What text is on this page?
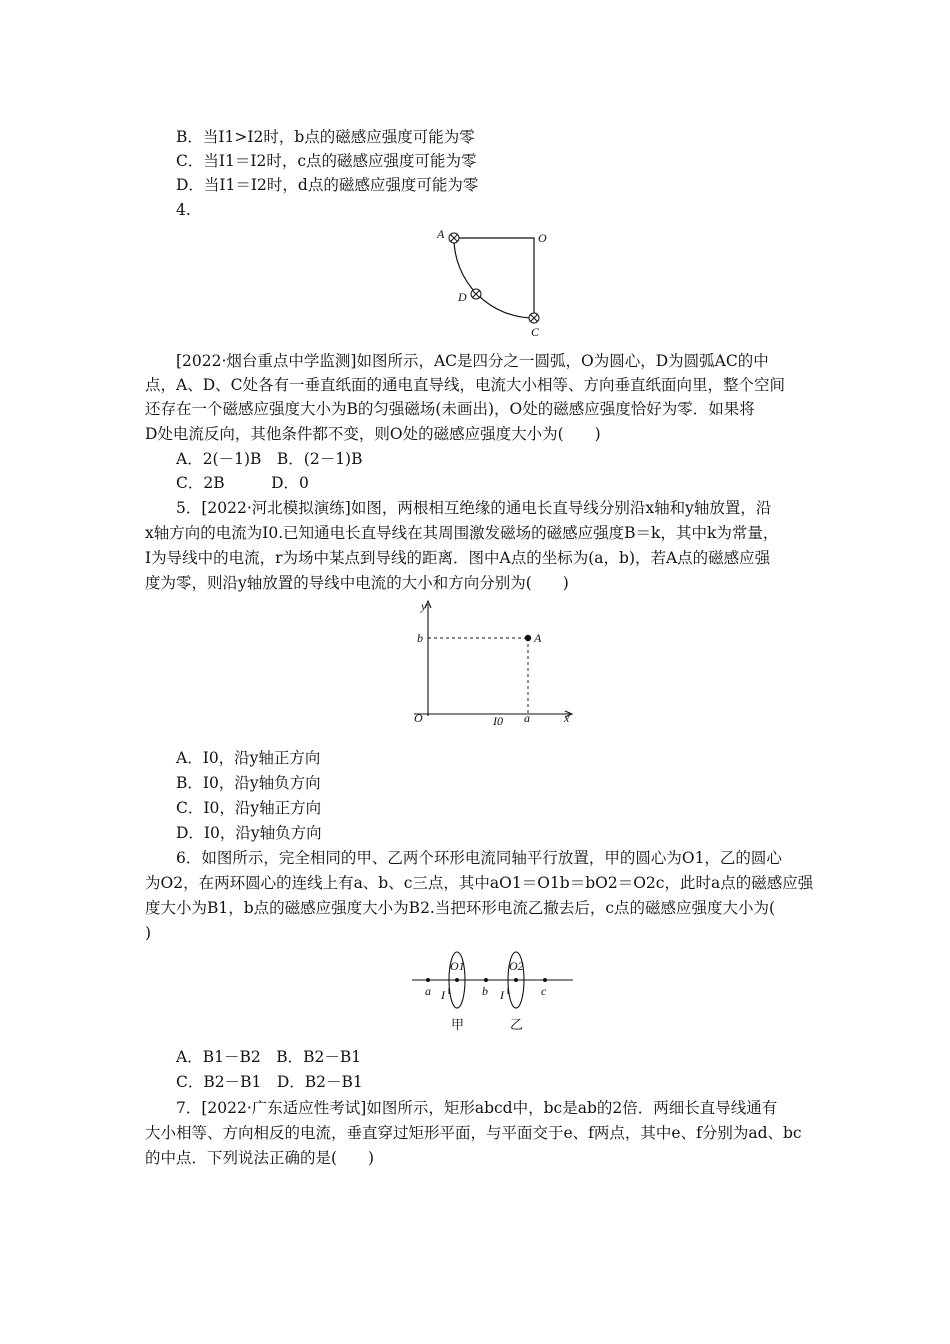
B．当I1>I2时，b点的磁感应强度可能为零
C．当I1＝I2时，c点的磁感应强度可能为零
D．当I1＝I2时，d点的磁感应强度可能为零
4.
A	O
D
C
[2022·烟台重点中学监测]如图所示，AC是四分之一圆弧，O为圆心，D为圆弧AC的中
点，A、D、C处各有一垂直纸面的通电直导线，电流大小相等、方向垂直纸面向里，整个空间
还存在一个磁感应强度大小为B的匀强磁场(未画出)，O处的磁感应强度恰好为零．如果将
D处电流反向，其他条件都不变，则O处的磁感应强度大小为(　　)
A．2(－1)B　B．(2－1)B
C．2B　　　D．0
5．[2022·河北模拟演练]如图，两根相互绝缘的通电长直导线分别沿x轴和y轴放置，沿
x轴方向的电流为I0.已知通电长直导线在其周围激发磁场的磁感应强度B＝k，其中k为常量，
I为导线中的电流，r为场中某点到导线的距离．图中A点的坐标为(a，b)，若A点的磁感应强
度为零，则沿y轴放置的导线中电流的大小和方向分别为(　　)
y
b	A
O	I0 a	x
A．I0，沿y轴正方向
B．I0，沿y轴负方向
C．I0，沿y轴正方向
D．I0，沿y轴负方向
6．如图所示，完全相同的甲、乙两个环形电流同轴平行放置，甲的圆心为O1，乙的圆心
为O2，在两环圆心的连线上有a、b、c三点，其中aO1＝O1b＝bO2＝O2c，此时a点的磁感应强
度大小为B1，b点的磁感应强度大小为B2.当把环形电流乙撤去后，c点的磁感应强度大小为(
)
O1	O2
a	b	c
I	I
甲	乙
A．B1－B2　B．B2－B1
C．B2－B1　D．B2－B1
7．[2022·广东适应性考试]如图所示，矩形abcd中，bc是ab的2倍．两细长直导线通有
大小相等、方向相反的电流，垂直穿过矩形平面，与平面交于e、f两点，其中e、f分别为ad、bc
的中点．下列说法正确的是(　　)
